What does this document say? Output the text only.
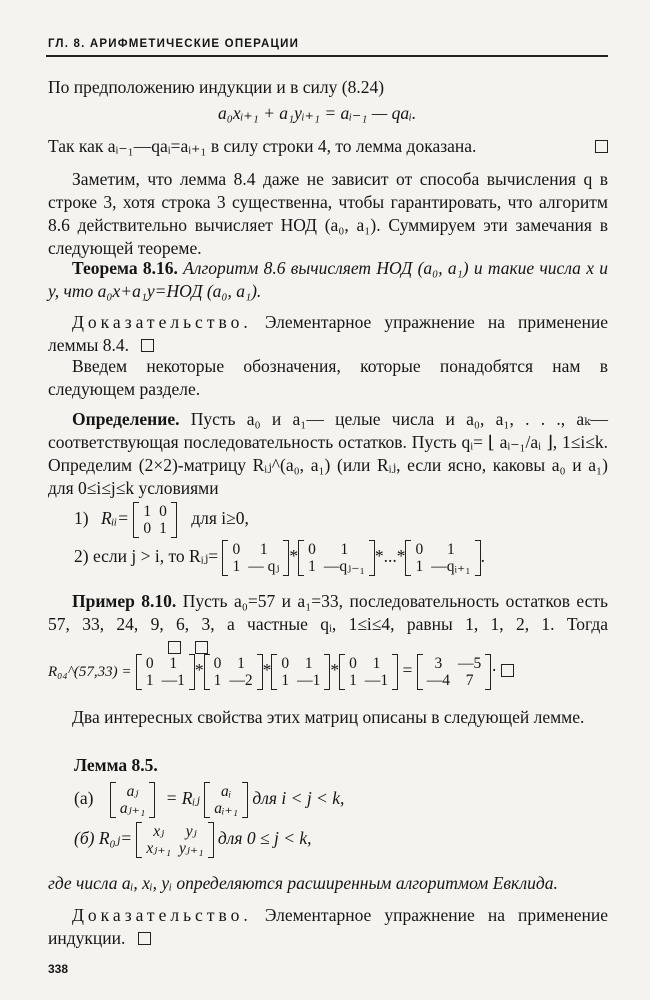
ГЛ. 8. АРИФМЕТИЧЕСКИЕ ОПЕРАЦИИ
По предположению индукции и в силу (8.24)
a₀xᵢ₊₁ + a₁yᵢ₊₁ = aᵢ₋₁ — qaᵢ.
Так как aᵢ₋₁—qaᵢ=aᵢ₊₁ в силу строки 4, то лемма доказана.
Заметим, что лемма 8.4 даже не зависит от способа вычисления q в строке 3, хотя строка 3 существенна, чтобы гарантировать, что алгоритм 8.6 действительно вычисляет НОД (a₀, a₁). Суммируем эти замечания в следующей теореме.
Теорема 8.16. Алгоритм 8.6 вычисляет НОД (a₀, a₁) и такие числа x и y, что a₀x+a₁y=НОД (a₀, a₁).
Доказательство. Элементарное упражнение на применение леммы 8.4.
Введем некоторые обозначения, которые понадобятся нам в следующем разделе.
Определение. Пусть a₀ и a₁— целые числа и a₀, a₁, . . ., aₖ— соответствующая последовательность остатков. Пусть qᵢ= ⌊ aᵢ₋₁/aᵢ ⌋, 1≤i≤k. Определим (2×2)-матрицу Rᵢⱼ^(a₀, a₁) (или Rᵢⱼ, если ясно, каковы a₀ и a₁) для 0≤i≤j≤k условиями
1) Rᵢᵢ= 1	0
0	1
для i≥0,
2) если j > i, то Rᵢⱼ= 0	1
1	— qⱼ
* 0	1
1	—qⱼ₋₁
*...* 0	1
1	—qᵢ₊₁
.
Пример 8.10. Пусть a₀=57 и a₁=33, последовательность остатков есть 57, 33, 24, 9, 6, 3, а частные qᵢ, 1≤i≤4, равны 1, 1, 2, 1. Тогда
R₀₄^(57,33) =
0	1
1	—1
* 0	1
1	—2
* 0	1
1	—1
* 0	1
1	—1
= 3	—5
—4	7
·
Два интересных свойства этих матриц описаны в следующей лемме.
Лемма 8.5.
(а) aⱼ
aⱼ₊₁
= Rᵢⱼ aᵢ
aᵢ₊₁
для i < j < k,
(б) R₀ⱼ= xⱼ	yⱼ
xⱼ₊₁	yⱼ₊₁
для 0 ≤ j < k,
где числа aᵢ, xᵢ, yᵢ определяются расширенным алгоритмом Евклида.
Доказательство. Элементарное упражнение на применение индукции.
338
